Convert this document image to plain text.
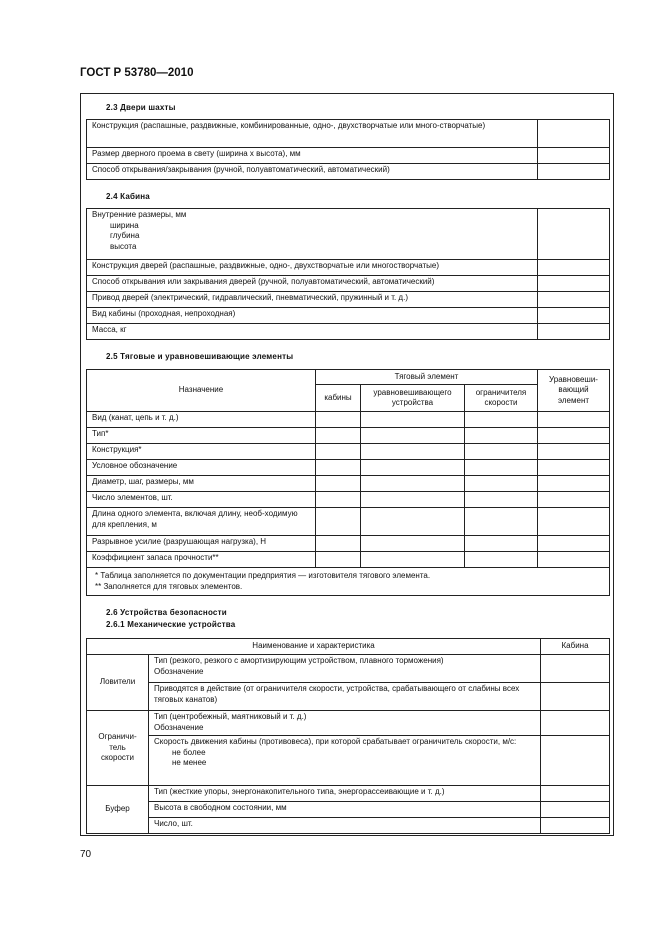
ГОСТ Р 53780—2010
2.3 Двери шахты
Конструкция (распашные, раздвижные, комбинированные, одно-, двухстворчатые или много-створчатые)	
Размер дверного проема в свету (ширина х высота), мм	
Способ открывания/закрывания (ручной, полуавтоматический, автоматический)	
2.4 Кабина
Внутренние размеры, мм
ширина
глубина
высота	

Конструкция дверей (распашные, раздвижные, одно-, двухстворчатые или многостворчатые)	
Способ открывания или закрывания дверей (ручной, полуавтоматический, автоматический)	
Привод дверей (электрический, гидравлический, пневматический, пружинный и т. д.)	
Вид кабины (проходная, непроходная)	
Масса, кг	
2.5 Тяговые и уравновешивающие элементы
Назначение	Тяговый элемент			Уравновеши-вающий элемент
	кабины	уравновешивающего устройства	ограничителя скорости	
Вид (канат, цепь и т. д.)				
Тип*				
Конструкция*				
Условное обозначение				
Диаметр, шаг, размеры, мм				
Число элементов, шт.				
Длина одного элемента, включая длину, необ-ходимую для крепления, м				
Разрывное усилие (разрушающая нагрузка), Н				
Коэффициент запаса прочности**				

* Таблица заполняется по документации предприятия — изготовителя тягового элемента.
** Заполняется для тяговых элементов.				
2.6 Устройства безопасности
2.6.1 Механические устройства
Наименование и характеристика		Кабина
Ловители	Тип (резкого, резкого с амортизирующим устройством, плавного торможения)
Обозначение	

	Приводятся в действие (от ограничителя скорости, устройства, срабатывающего от слабины всех тяговых канатов)	
Ограничи-тель скорости	Тип (центробежный, маятниковый и т. д.)
Обозначение	

	Скорость движения кабины (противовеса), при которой срабатывает ограничитель скорости, м/с:
не более
не менее	

Буфер	Тип (жесткие упоры, энергонакопительного типа, энергорассеивающие и т. д.)	
	Высота в свободном состоянии, мм	
	Число, шт.	
70
